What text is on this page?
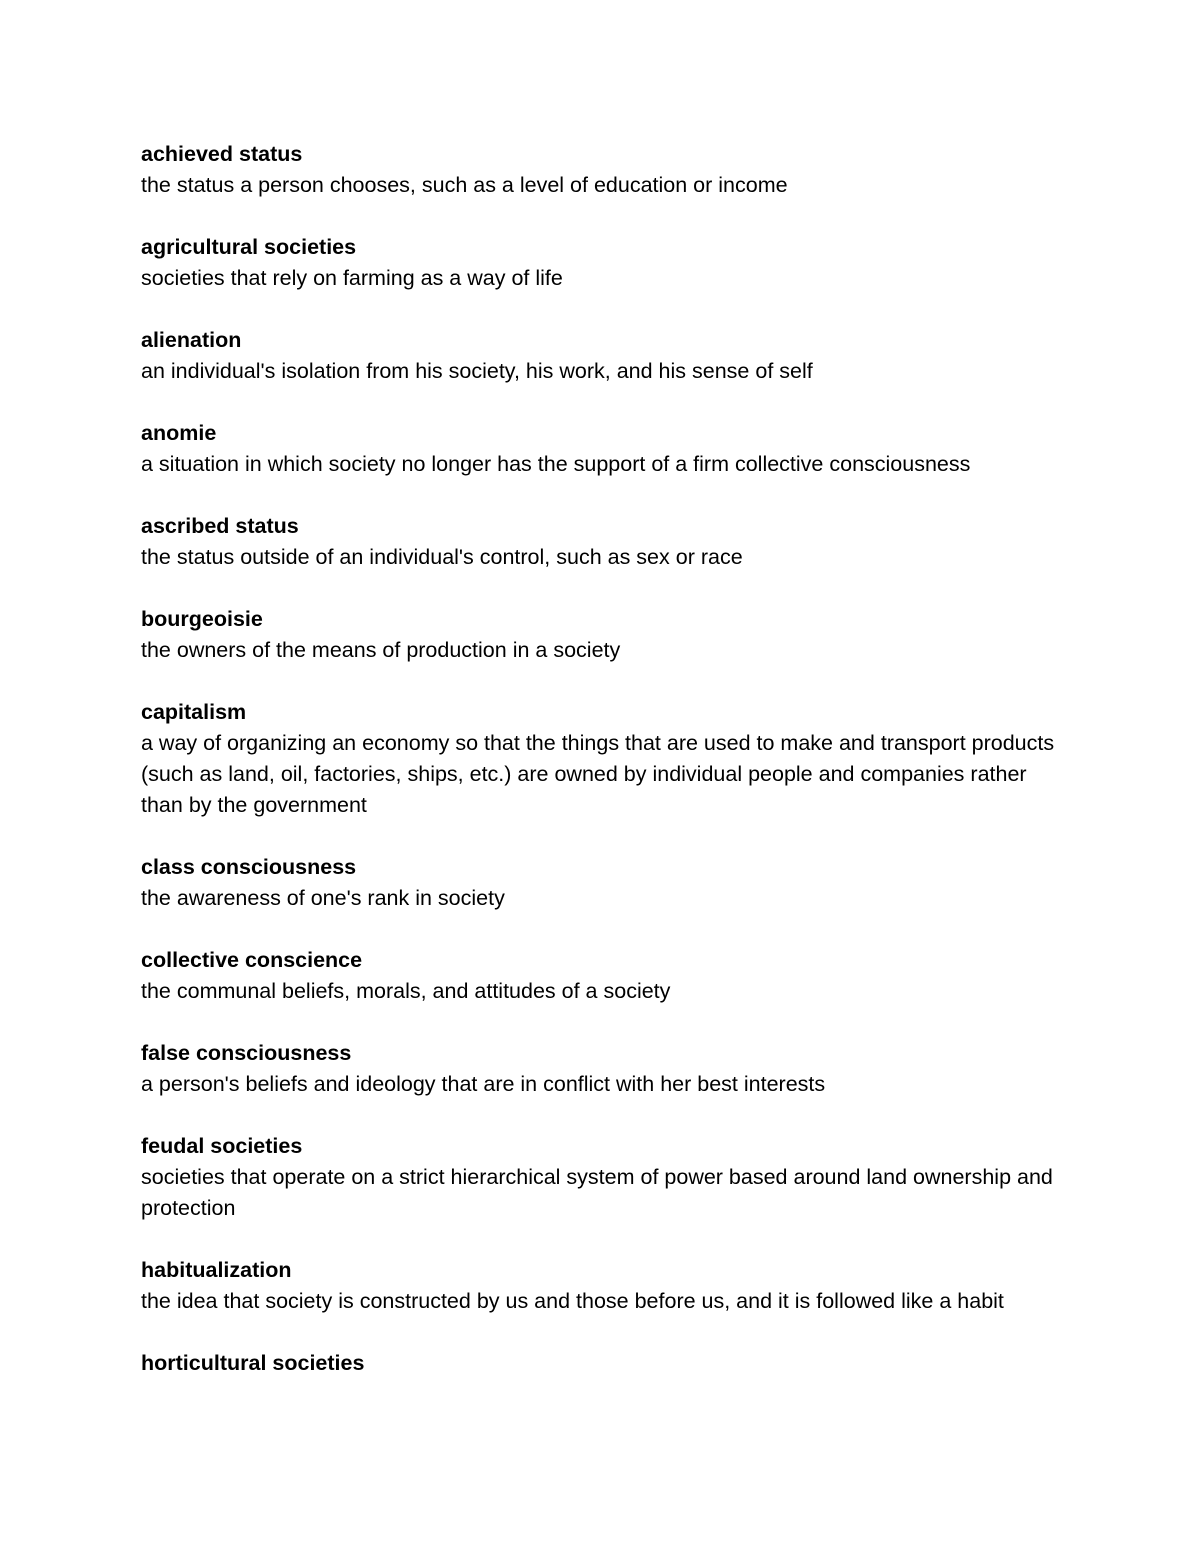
achieved status
the status a person chooses, such as a level of education or income
agricultural societies
societies that rely on farming as a way of life
alienation
an individual's isolation from his society, his work, and his sense of self
anomie
a situation in which society no longer has the support of a firm collective consciousness
ascribed status
the status outside of an individual's control, such as sex or race
bourgeoisie
the owners of the means of production in a society
capitalism
a way of organizing an economy so that the things that are used to make and transport products (such as land, oil, factories, ships, etc.) are owned by individual people and companies rather than by the government
class consciousness
the awareness of one's rank in society
collective conscience
the communal beliefs, morals, and attitudes of a society
false consciousness
a person's beliefs and ideology that are in conflict with her best interests
feudal societies
societies that operate on a strict hierarchical system of power based around land ownership and protection
habitualization
the idea that society is constructed by us and those before us, and it is followed like a habit
horticultural societies
